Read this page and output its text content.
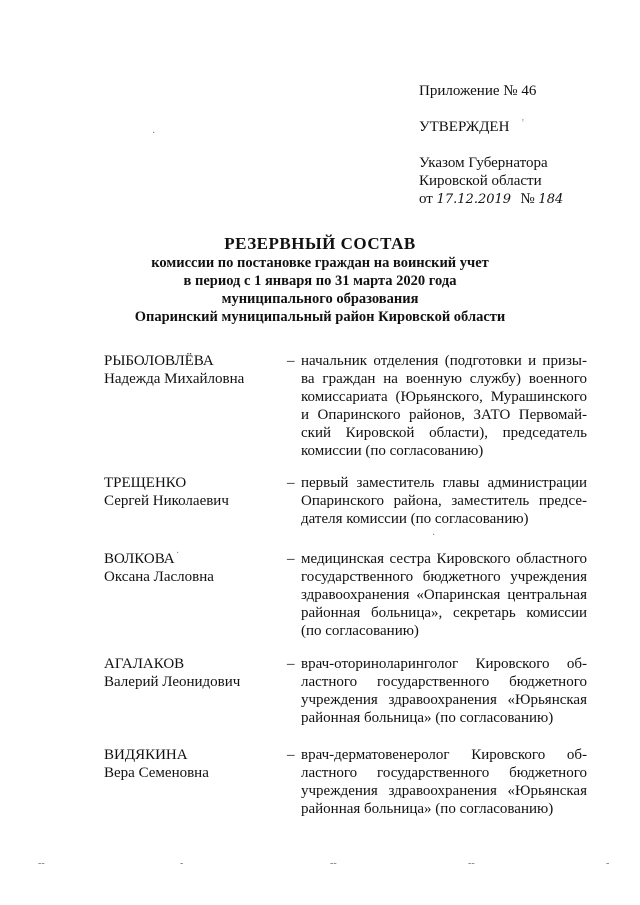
Приложение № 46
УТВЕРЖДЕН
Указом Губернатора
Кировской области
от 17.12.2019 № 184
РЕЗЕРВНЫЙ СОСТАВ
комиссии по постановке граждан на воинский учет
в период с 1 января по 31 марта 2020 года
муниципального образования
Опаринский муниципальный район Кировской области
РЫБОЛОВЛЁВА
Надежда Михайловна
– начальник отделения (подготовки и призы-
ва граждан на военную службу) военного
комиссариата (Юрьянского, Мурашинского
и Опаринского районов, ЗАТО Первомай-
ский Кировской области), председатель
комиссии (по согласованию)
ТРЕЩЕНКО
Сергей Николаевич
– первый заместитель главы администрации
Опаринского района, заместитель предсе-
дателя комиссии (по согласованию)
ВОЛКОВА
Оксана Ласловна
– медицинская сестра Кировского областного
государственного бюджетного учреждения
здравоохранения «Опаринская центральная
районная больница», секретарь комиссии
(по согласованию)
АГАЛАКОВ
Валерий Леонидович
– врач-оториноларинголог Кировского об-
ластного государственного бюджетного
учреждения здравоохранения «Юрьянская
районная больница» (по согласованию)
ВИДЯКИНА
Вера Семеновна
– врач-дерматовенеролог Кировского об-
ластного государственного бюджетного
учреждения здравоохранения «Юрьянская
районная больница» (по согласованию)
·
'
·
·
‐‐	‐	‐‐	‐‐	‐
